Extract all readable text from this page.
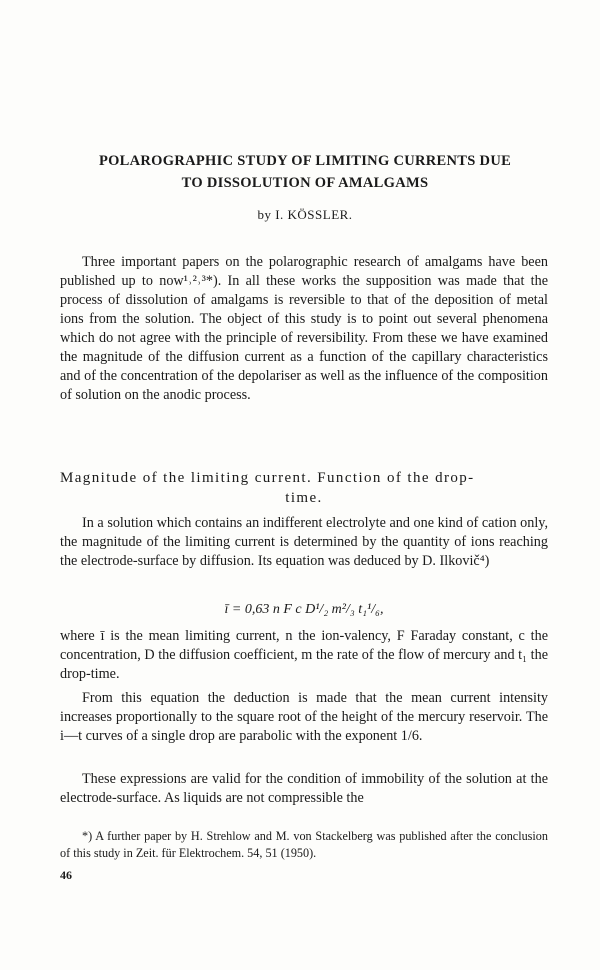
POLAROGRAPHIC STUDY OF LIMITING CURRENTS DUE
TO DISSOLUTION OF AMALGAMS
by I. KÖSSLER.
Three important papers on the polarographic research of amalgams have been published up to now¹˒²˒³*). In all these works the supposition was made that the process of dissolution of amalgams is reversible to that of the deposition of metal ions from the solution. The object of this study is to point out several phenomena which do not agree with the principle of reversibility. From these we have examined the magnitude of the diffusion current as a function of the capillary characteristics and of the concentration of the depolariser as well as the influence of the composition of solution on the anodic process.
Magnitude of the limiting current. Function of the drop-
time.
In a solution which contains an indifferent electrolyte and one kind of cation only, the magnitude of the limiting current is determined by the quantity of ions reaching the electrode-surface by diffusion. Its equation was deduced by D. Ilkovič⁴)
ī = 0,63 n F c D¹/₂ m²/₃ t₁¹/₆,
where ī is the mean limiting current, n the ion-valency, F Faraday constant, c the concentration, D the diffusion coefficient, m the rate of the flow of mercury and t₁ the drop-time.
From this equation the deduction is made that the mean current intensity increases proportionally to the square root of the height of the mercury reservoir. The i—t curves of a single drop are parabolic with the exponent 1/6.
These expressions are valid for the condition of immobility of the solution at the electrode-surface. As liquids are not compressible the
*) A further paper by H. Strehlow and M. von Stackelberg was published after the conclusion of this study in Zeit. für Elektrochem. 54, 51 (1950).
46
